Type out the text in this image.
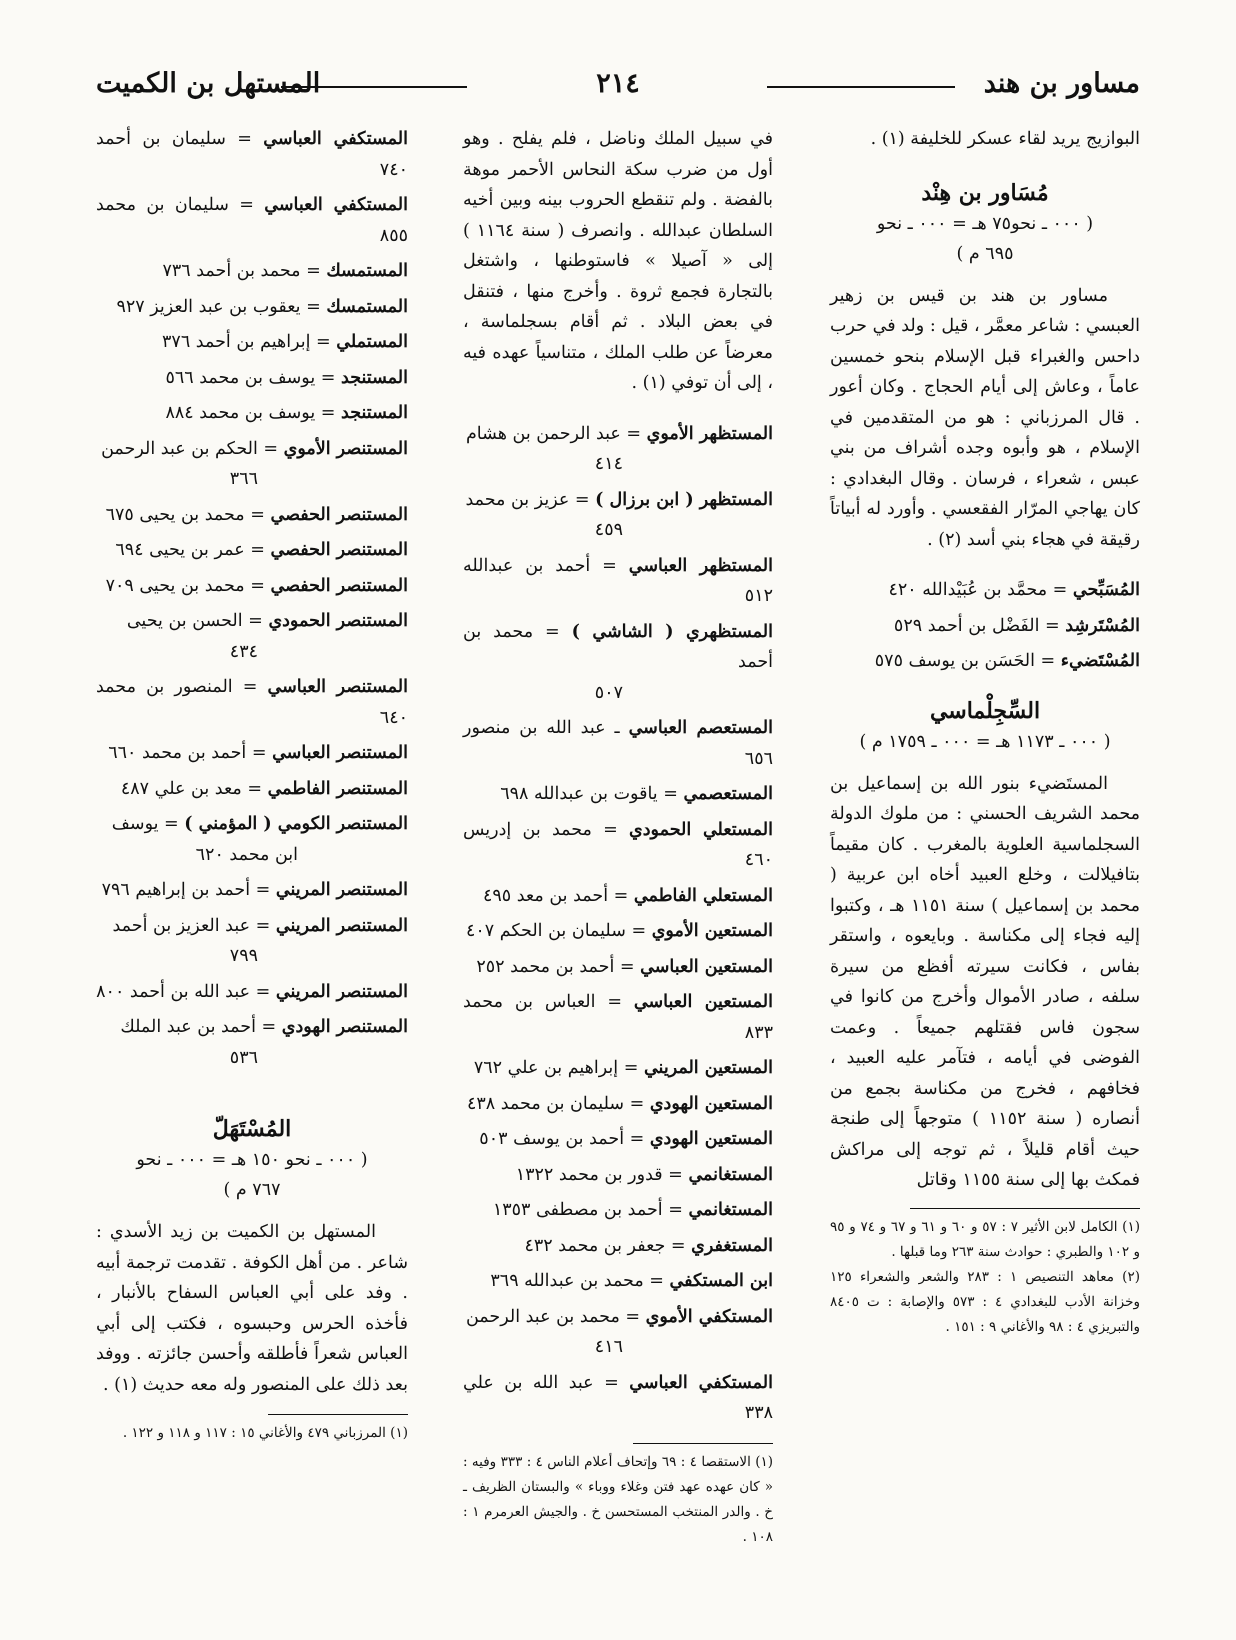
مساور بن هند
٢١٤
المستهل بن الكميت

البوازيج يريد لقاء عسكر للخليفة (١) .

مُسَاور بن هِنْد
( ٠٠٠ ـ نحو٧٥ هـ = ٠٠٠ ـ نحو
٦٩٥ م )

مساور بن هند بن قيس بن زهير العبسي : شاعر معمَّر ، قيل : ولد في حرب داحس والغبراء قبل الإسلام بنحو خمسين عاماً ، وعاش إلى أيام الحجاج . وكان أعور . قال المرزباني : هو من المتقدمين في الإسلام ، هو وأبوه وجده أشراف من بني عبس ، شعراء ، فرسان . وقال البغدادي : كان يهاجي المرّار الفقعسي . وأورد له أبياتاً رقيقة في هجاء بني أسد (٢) .

المُسَبِّحي = محمَّد بن عُبَيْدالله ٤٢٠
المُسْتَرشِد = الفَضْل بن أحمد ٥٢٩
المُسْتَضيء = الحَسَن بن يوسف ٥٧٥
السِّجِلْماسي
( ٠٠٠ ـ ١١٧٣ هـ = ٠٠٠ ـ ١٧٥٩ م )

المستَضيء بنور الله بن إسماعيل بن محمد الشريف الحسني : من ملوك الدولة السجلماسية العلوية بالمغرب . كان مقيماً بتافيلالت ، وخلع العبيد أخاه ابن عربية ( محمد بن إسماعيل ) سنة ١١٥١ هـ ، وكتبوا إليه فجاء إلى مكناسة . وبايعوه ، واستقر بفاس ، فكانت سيرته أفظع من سيرة سلفه ، صادر الأموال وأخرج من كانوا في سجون فاس فقتلهم جميعاً . وعمت الفوضى في أيامه ، فتآمر عليه العبيد ، فخافهم ، فخرج من مكناسة بجمع من أنصاره ( سنة ١١٥٢ ) متوجهاً إلى طنجة حيث أقام قليلاً ، ثم توجه إلى مراكش فمكث بها إلى سنة ١١٥٥ وقاتل

(١) الكامل لابن الأثير ٧ : ٥٧ و ٦٠ و ٦١ و ٦٧ و ٧٤ و ٩٥ و ١٠٢ والطبري : حوادث سنة ٢٦٣ وما قبلها .
(٢) معاهد التنصيص ١ : ٢٨٣ والشعر والشعراء ١٢٥ وخزانة الأدب للبغدادي ٤ : ٥٧٣ والإصابة : ت ٨٤٠٥ والتبريزي ٤ : ٩٨ والأغاني ٩ : ١٥١ .

في سبيل الملك وناضل ، فلم يفلح . وهو أول من ضرب سكة النحاس الأحمر موهة بالفضة . ولم تنقطع الحروب بينه وبين أخيه السلطان عبدالله . وانصرف ( سنة ١١٦٤ ) إلى « آصيلا » فاستوطنها ، واشتغل بالتجارة فجمع ثروة . وأخرج منها ، فتنقل في بعض البلاد . ثم أقام بسجلماسة ، معرضاً عن طلب الملك ، متناسياً عهده فيه ، إلى أن توفي (١) .

المستظهر الأموي = عبد الرحمن بن هشام
٤١٤
المستظهر ( ابن برزال ) = عزيز بن محمد
٤٥٩
المستظهر العباسي = أحمد بن عبدالله ٥١٢
المستظهري ( الشاشي ) = محمد بن أحمد
٥٠٧
المستعصم العباسي ـ عبد الله بن منصور ٦٥٦
المستعصمي = ياقوت بن عبدالله ٦٩٨
المستعلي الحمودي = محمد بن إدريس ٤٦٠
المستعلي الفاطمي = أحمد بن معد ٤٩٥
المستعين الأموي = سليمان بن الحكم ٤٠٧
المستعين العباسي = أحمد بن محمد ٢٥٢
المستعين العباسي = العباس بن محمد ٨٣٣
المستعين المريني = إبراهيم بن علي ٧٦٢
المستعين الهودي = سليمان بن محمد ٤٣٨
المستعين الهودي = أحمد بن يوسف ٥٠٣
المستغانمي = قدور بن محمد ١٣٢٢
المستغانمي = أحمد بن مصطفى ١٣٥٣
المستغفري = جعفر بن محمد ٤٣٢
ابن المستكفي = محمد بن عبدالله ٣٦٩
المستكفي الأموي = محمد بن عبد الرحمن
٤١٦
المستكفي العباسي = عبد الله بن علي ٣٣٨
(١) الاستقصا ٤ : ٦٩ وإتحاف أعلام الناس ٤ : ٣٣٣ وفيه : « كان عهده عهد فتن وغلاء ووباء » والبستان الظريف ـ خ . والدر المنتخب المستحسن خ . والجيش العرمرم ١ : ١٠٨ .
المستكفي العباسي = سليمان بن أحمد ٧٤٠
المستكفي العباسي = سليمان بن محمد ٨٥٥
المستمسك = محمد بن أحمد ٧٣٦
المستمسك = يعقوب بن عبد العزيز ٩٢٧
المستملي = إبراهيم بن أحمد ٣٧٦
المستنجد = يوسف بن محمد ٥٦٦
المستنجد = يوسف بن محمد ٨٨٤
المستنصر الأموي = الحكم بن عبد الرحمن
٣٦٦
المستنصر الحفصي = محمد بن يحيى ٦٧٥
المستنصر الحفصي = عمر بن يحيى ٦٩٤
المستنصر الحفصي = محمد بن يحيى ٧٠٩
المستنصر الحمودي = الحسن بن يحيى
٤٣٤
المستنصر العباسي = المنصور بن محمد ٦٤٠
المستنصر العباسي = أحمد بن محمد ٦٦٠
المستنصر الفاطمي = معد بن علي ٤٨٧
المستنصر الكومي ( المؤمني ) = يوسف
ابن محمد ٦٢٠
المستنصر المريني = أحمد بن إبراهيم ٧٩٦
المستنصر المريني = عبد العزيز بن أحمد
٧٩٩
المستنصر المريني = عبد الله بن أحمد ٨٠٠
المستنصر الهودي = أحمد بن عبد الملك
٥٣٦
المُسْتَهَلّ
( ٠٠٠ ـ نحو ١٥٠ هـ = ٠٠٠ ـ نحو
٧٦٧ م )

المستهل بن الكميت بن زيد الأسدي : شاعر . من أهل الكوفة . تقدمت ترجمة أبيه . وفد على أبي العباس السفاح بالأنبار ، فأخذه الحرس وحبسوه ، فكتب إلى أبي العباس شعراً فأطلقه وأحسن جائزته . ووفد بعد ذلك على المنصور وله معه حديث (١) .

(١) المرزباني ٤٧٩ والأغاني ١٥ : ١١٧ و ١١٨ و ١٢٢ .
